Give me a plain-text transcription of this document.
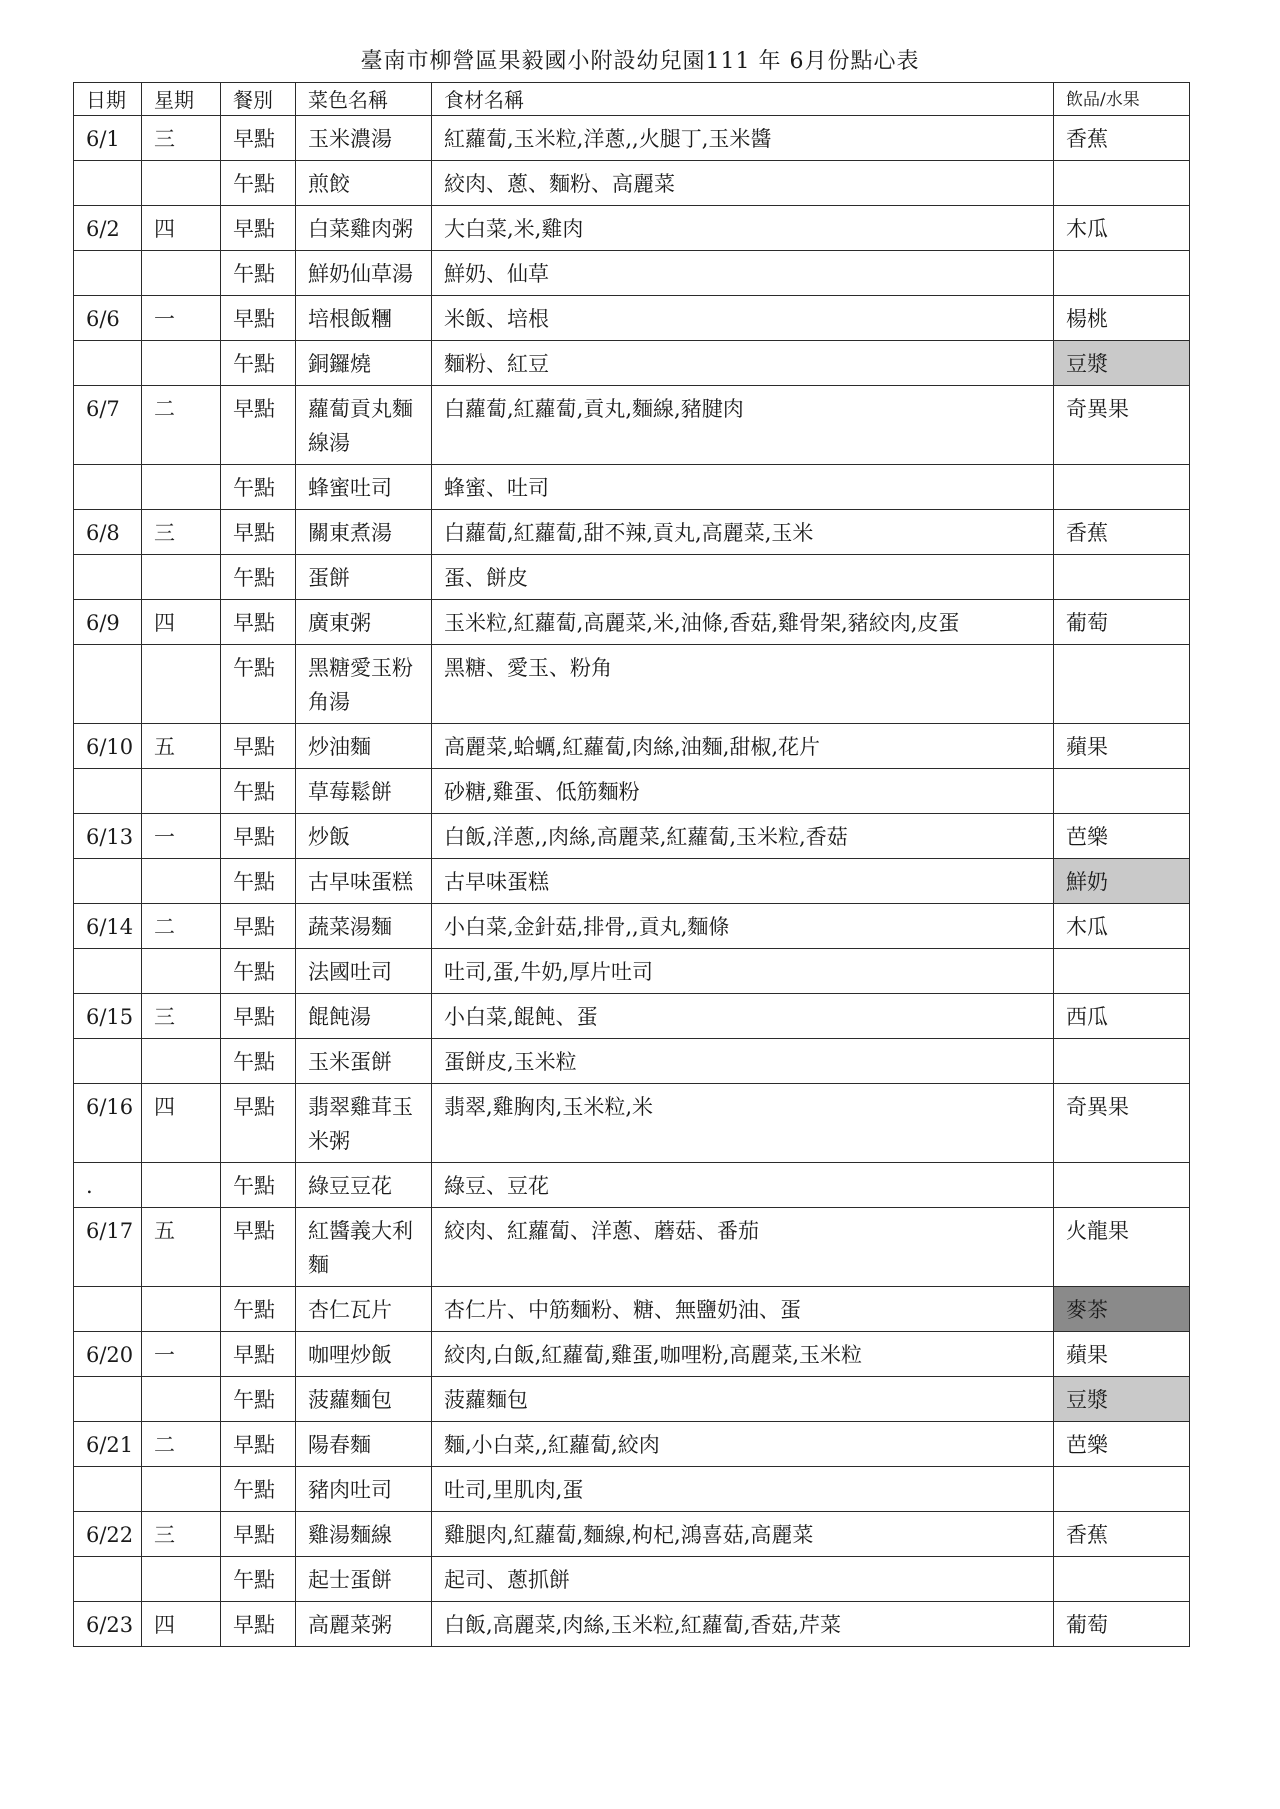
臺南市柳營區果毅國小附設幼兒園111 年 6月份點心表
日期	星期	餐別	菜色名稱	食材名稱	飲品/水果
6/1	三	早點	玉米濃湯	紅蘿蔔,玉米粒,洋蔥,,火腿丁,玉米醬	香蕉
		午點	煎餃	絞肉、蔥、麵粉、高麗菜	
6/2	四	早點	白菜雞肉粥	大白菜,米,雞肉	木瓜
		午點	鮮奶仙草湯	鮮奶、仙草	
6/6	一	早點	培根飯糰	米飯、培根	楊桃
		午點	銅鑼燒	麵粉、紅豆	豆漿
6/7	二	早點	蘿蔔貢丸麵線湯	白蘿蔔,紅蘿蔔,貢丸,麵線,豬腱肉	奇異果
		午點	蜂蜜吐司	蜂蜜、吐司	
6/8	三	早點	關東煮湯	白蘿蔔,紅蘿蔔,甜不辣,貢丸,高麗菜,玉米	香蕉
		午點	蛋餅	蛋、餅皮	
6/9	四	早點	廣東粥	玉米粒,紅蘿蔔,高麗菜,米,油條,香菇,雞骨架,豬絞肉,皮蛋	葡萄
		午點	黑糖愛玉粉角湯	黑糖、愛玉、粉角	
6/10	五	早點	炒油麵	高麗菜,蛤蠣,紅蘿蔔,肉絲,油麵,甜椒,花片	蘋果
		午點	草莓鬆餅	砂糖,雞蛋、低筋麵粉	
6/13	一	早點	炒飯	白飯,洋蔥,,肉絲,高麗菜,紅蘿蔔,玉米粒,香菇	芭樂
		午點	古早味蛋糕	古早味蛋糕	鮮奶
6/14	二	早點	蔬菜湯麵	小白菜,金針菇,排骨,,貢丸,麵條	木瓜
		午點	法國吐司	吐司,蛋,牛奶,厚片吐司	
6/15	三	早點	餛飩湯	小白菜,餛飩、蛋	西瓜
		午點	玉米蛋餅	蛋餅皮,玉米粒	
6/16	四	早點	翡翠雞茸玉米粥	翡翠,雞胸肉,玉米粒,米	奇異果
.		午點	綠豆豆花	綠豆、豆花	
6/17	五	早點	紅醬義大利麵	絞肉、紅蘿蔔、洋蔥、蘑菇、番茄	火龍果
		午點	杏仁瓦片	杏仁片、中筋麵粉、糖、無鹽奶油、蛋	麥茶
6/20	一	早點	咖哩炒飯	絞肉,白飯,紅蘿蔔,雞蛋,咖哩粉,高麗菜,玉米粒	蘋果
		午點	菠蘿麵包	菠蘿麵包	豆漿
6/21	二	早點	陽春麵	麵,小白菜,,紅蘿蔔,絞肉	芭樂
		午點	豬肉吐司	吐司,里肌肉,蛋	
6/22	三	早點	雞湯麵線	雞腿肉,紅蘿蔔,麵線,枸杞,鴻喜菇,高麗菜	香蕉
		午點	起士蛋餅	起司、蔥抓餅	
6/23	四	早點	高麗菜粥	白飯,高麗菜,肉絲,玉米粒,紅蘿蔔,香菇,芹菜	葡萄
